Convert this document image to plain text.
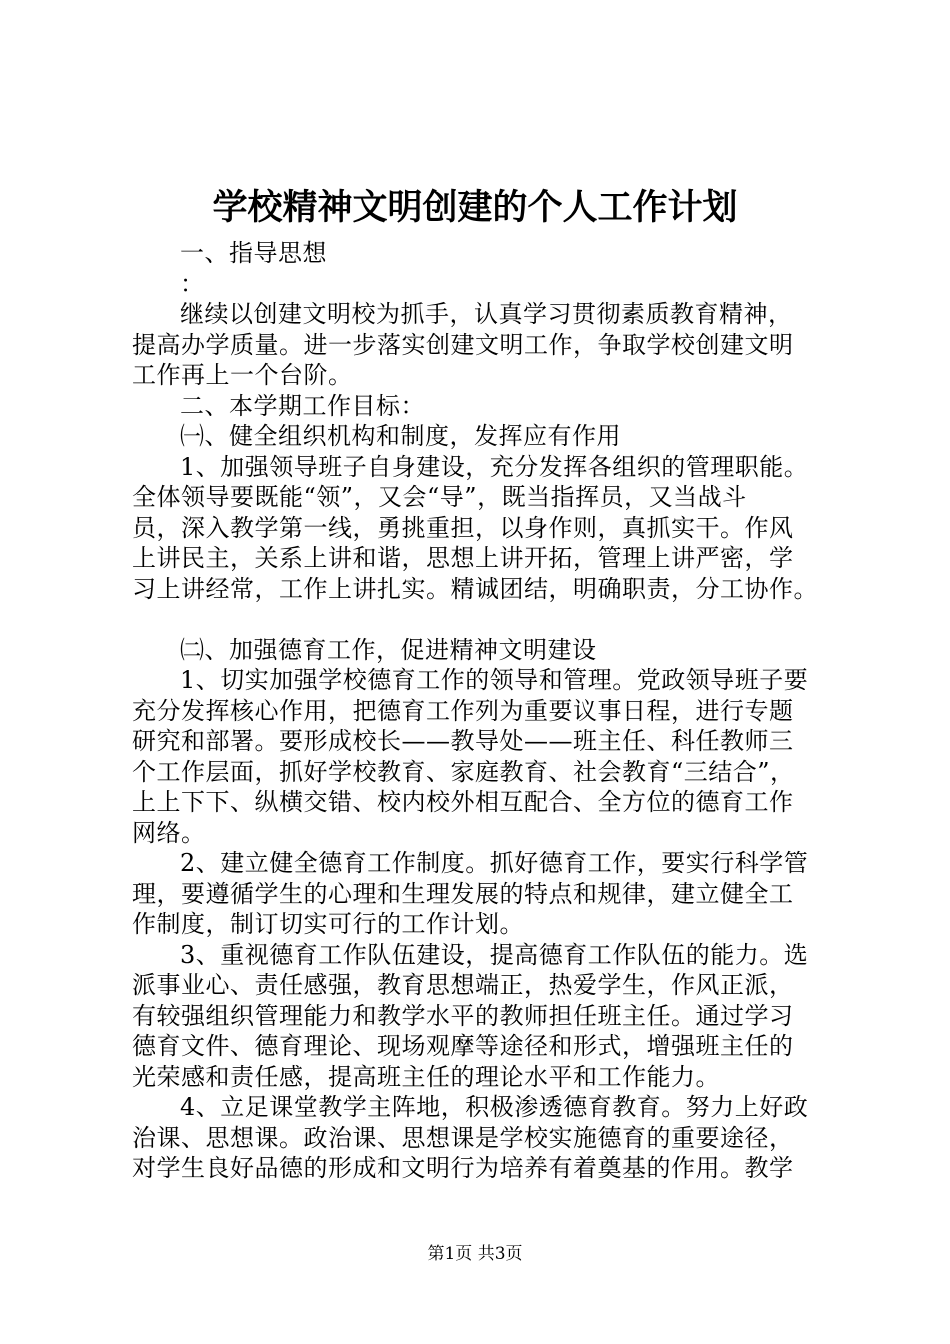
学校精神文明创建的个人工作计划
一、指导思想
：
继续以创建文明校为抓手，认真学习贯彻素质教育精神，
提高办学质量。进一步落实创建文明工作，争取学校创建文明
工作再上一个台阶。
二、本学期工作目标：
㈠、健全组织机构和制度，发挥应有作用
1、加强领导班子自身建设，充分发挥各组织的管理职能。
全体领导要既能“领”，又会“导”，既当指挥员，又当战斗
员，深入教学第一线，勇挑重担，以身作则，真抓实干。作风
上讲民主，关系上讲和谐，思想上讲开拓，管理上讲严密，学
习上讲经常，工作上讲扎实。精诚团结，明确职责，分工协作。
㈡、加强德育工作，促进精神文明建设
1、切实加强学校德育工作的领导和管理。党政领导班子要
充分发挥核心作用，把德育工作列为重要议事日程，进行专题
研究和部署。要形成校长——教导处——班主任、科任教师三
个工作层面，抓好学校教育、家庭教育、社会教育“三结合”，
上上下下、纵横交错、校内校外相互配合、全方位的德育工作
网络。
2、建立健全德育工作制度。抓好德育工作，要实行科学管
理，要遵循学生的心理和生理发展的特点和规律，建立健全工
作制度，制订切实可行的工作计划。
3、重视德育工作队伍建设，提高德育工作队伍的能力。选
派事业心、责任感强，教育思想端正，热爱学生，作风正派，
有较强组织管理能力和教学水平的教师担任班主任。通过学习
德育文件、德育理论、现场观摩等途径和形式，增强班主任的
光荣感和责任感，提高班主任的理论水平和工作能力。
4、立足课堂教学主阵地，积极渗透德育教育。努力上好政
治课、思想课。政治课、思想课是学校实施德育的重要途径，
对学生良好品德的形成和文明行为培养有着奠基的作用。教学
第1页 共3页
